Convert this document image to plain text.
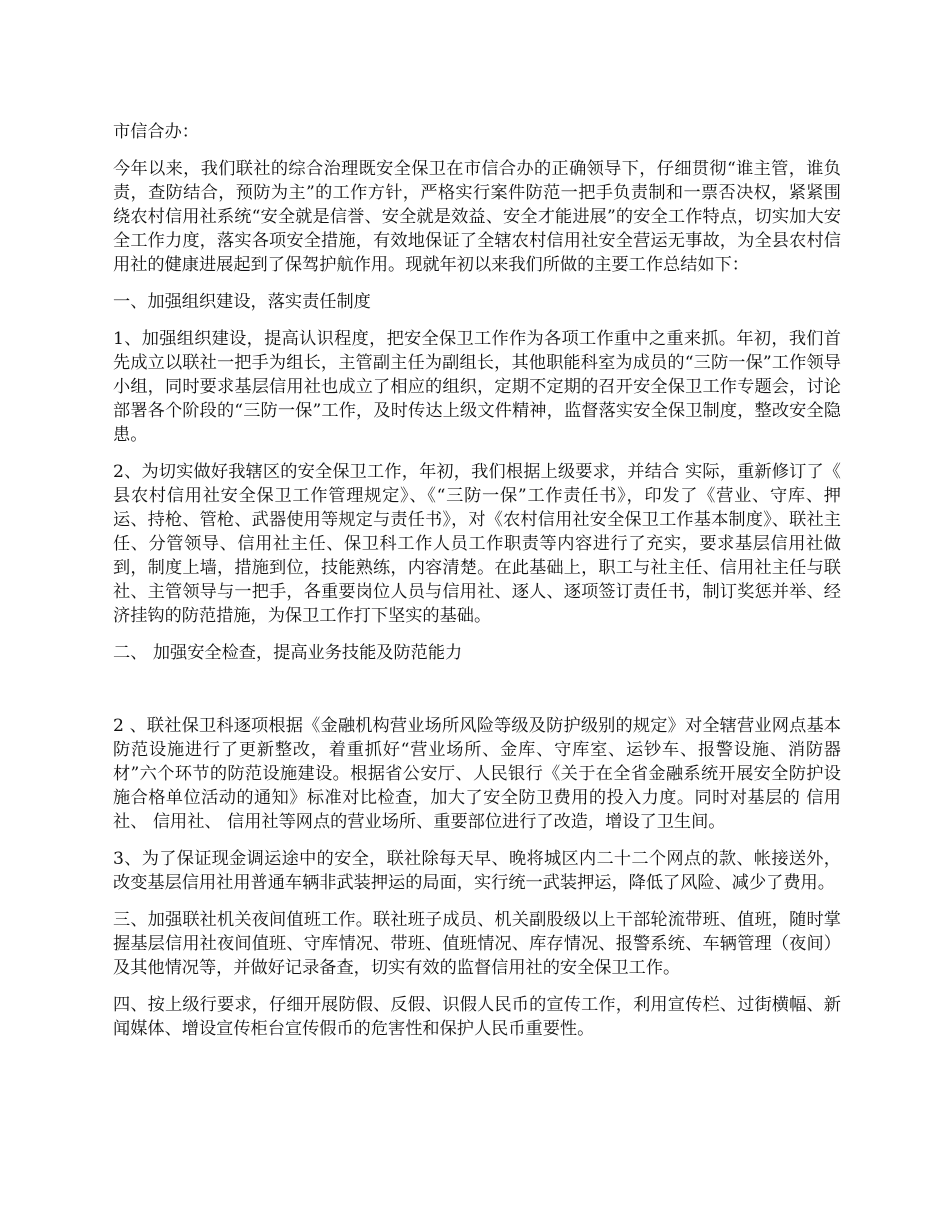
市信合办：

今年以来，我们联社的综合治理既安全保卫在市信合办的正确领导下，仔细贯彻“谁主管，谁负责，查防结合，预防为主”的工作方针，严格实行案件防范一把手负责制和一票否决权，紧紧围绕农村信用社系统“安全就是信誉、安全就是效益、安全才能进展”的安全工作特点，切实加大安全工作力度，落实各项安全措施，有效地保证了全辖农村信用社安全营运无事故，为全县农村信用社的健康进展起到了保驾护航作用。现就年初以来我们所做的主要工作总结如下：

一、加强组织建设，落实责任制度

1、加强组织建设，提高认识程度，把安全保卫工作作为各项工作重中之重来抓。年初，我们首先成立以联社一把手为组长，主管副主任为副组长，其他职能科室为成员的“三防一保”工作领导小组，同时要求基层信用社也成立了相应的组织，定期不定期的召开安全保卫工作专题会，讨论部署各个阶段的“三防一保”工作，及时传达上级文件精神，监督落实安全保卫制度，整改安全隐患。

2、为切实做好我辖区的安全保卫工作，年初，我们根据上级要求，并结合 实际，重新修订了《 县农村信用社安全保卫工作管理规定》、《“三防一保”工作责任书》，印发了《营业、守库、押运、持枪、管枪、武器使用等规定与责任书》，对《农村信用社安全保卫工作基本制度》、联社主任、分管领导、信用社主任、保卫科工作人员工作职责等内容进行了充实，要求基层信用社做到，制度上墙，措施到位，技能熟练，内容清楚。在此基础上，职工与社主任、信用社主任与联社、主管领导与一把手，各重要岗位人员与信用社、逐人、逐项签订责任书，制订奖惩并举、经济挂钩的防范措施，为保卫工作打下坚实的基础。

二、 加强安全检查，提高业务技能及防范能力

2 、联社保卫科逐项根据《金融机构营业场所风险等级及防护级别的规定》对全辖营业网点基本防范设施进行了更新整改，着重抓好“营业场所、金库、守库室、运钞车、报警设施、消防器材”六个环节的防范设施建设。根据省公安厅、人民银行《关于在全省金融系统开展安全防护设施合格单位活动的通知》标准对比检查，加大了安全防卫费用的投入力度。同时对基层的 信用社、 信用社、 信用社等网点的营业场所、重要部位进行了改造，增设了卫生间。

3、为了保证现金调运途中的安全，联社除每天早、晚将城区内二十二个网点的款、帐接送外，改变基层信用社用普通车辆非武装押运的局面，实行统一武装押运，降低了风险、减少了费用。

三、加强联社机关夜间值班工作。联社班子成员、机关副股级以上干部轮流带班、值班，随时掌握基层信用社夜间值班、守库情况、带班、值班情况、库存情况、报警系统、车辆管理（夜间）及其他情况等，并做好记录备查，切实有效的监督信用社的安全保卫工作。

四、按上级行要求，仔细开展防假、反假、识假人民币的宣传工作，利用宣传栏、过街横幅、新闻媒体、增设宣传柜台宣传假币的危害性和保护人民币重要性。
